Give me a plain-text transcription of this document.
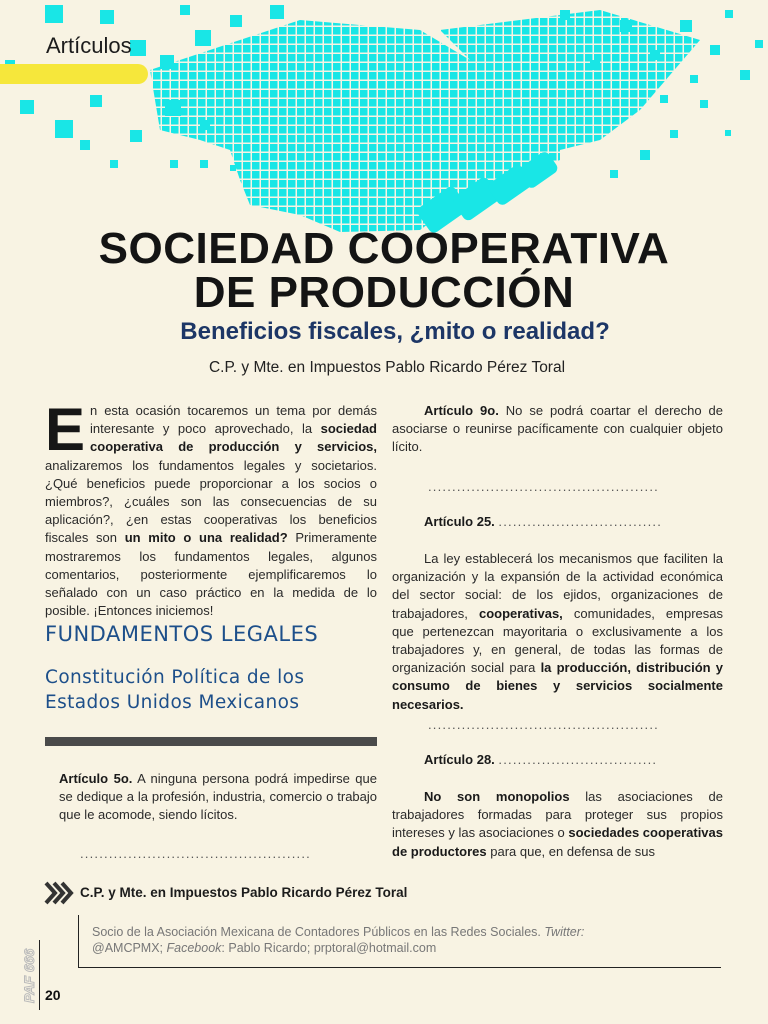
Artículos
SOCIEDAD COOPERATIVA
DE PRODUCCIÓN
Beneficios fiscales, ¿mito o realidad?
C.P. y Mte. en Impuestos Pablo Ricardo Pérez Toral

En esta ocasión tocaremos un tema por demás interesante y poco aprovechado, la sociedad cooperativa de producción y servicios, analizaremos los fundamentos legales y societarios. ¿Qué beneficios puede proporcionar a los socios o miembros?, ¿cuáles son las consecuencias de su aplicación?, ¿en estas cooperativas los beneficios fiscales son un mito o una realidad? Primeramente mostraremos los fundamentos legales, algunos comentarios, posteriormente ejemplificaremos lo señalado con un caso práctico en la medida de lo posible. ¡Entonces iniciemos!

FUNDAMENTOS LEGALES
Constitución Política de los
Estados Unidos Mexicanos

Artículo 5o. A ninguna persona podrá impedirse que se dedique a la profesión, industria, comercio o trabajo que le acomode, siendo lícitos.

................................................

Artículo 9o. No se podrá coartar el derecho de asociarse o reunirse pacíficamente con cualquier objeto lícito.

................................................
Artículo 25. ..................................

La ley establecerá los mecanismos que faciliten la organización y la expansión de la actividad económica del sector social: de los ejidos, organizaciones de trabajadores, cooperativas, comunidades, empresas que pertenezcan mayoritaria o exclusivamente a los trabajadores y, en general, de todas las formas de organización social para la producción, distribución y consumo de bienes y servicios socialmente necesarios.

................................................
Artículo 28. .................................

No son monopolios las asociaciones de trabajadores formadas para proteger sus propios intereses y las asociaciones o sociedades cooperativas de productores para que, en defensa de sus

C.P. y Mte. en Impuestos Pablo Ricardo Pérez Toral
Socio de la Asociación Mexicana de Contadores Públicos en las Redes Sociales. Twitter: @AMCPMX; Facebook: Pablo Ricardo; prptoral@hotmail.com
PAF 666 20
